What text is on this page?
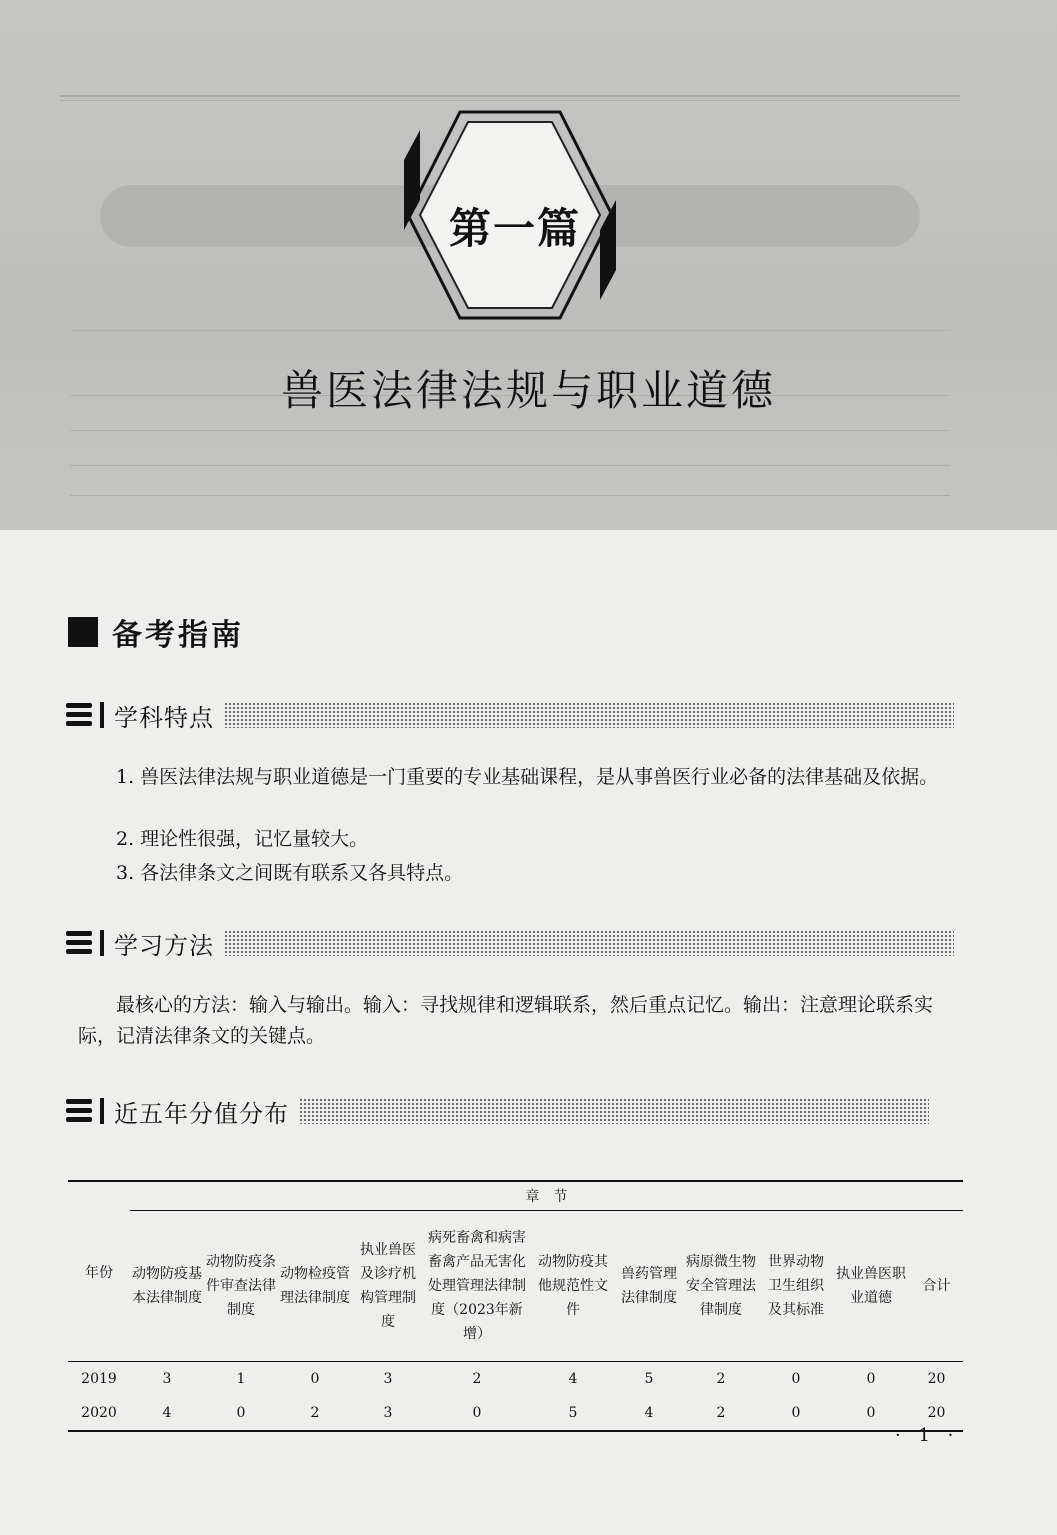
第一篇
兽医法律法规与职业道德
备考指南
学科特点

1. 兽医法律法规与职业道德是一门重要的专业基础课程，是从事兽医行业必备的法律基础及依据。

2. 理论性很强，记忆量较大。
3. 各法律条文之间既有联系又各具特点。
学习方法

最核心的方法：输入与输出。输入：寻找规律和逻辑联系，然后重点记忆。输出：注意理论联系实际，记清法律条文的关键点。

近五年分值分布
年份	章　节										
	动物防疫基本法律制度	动物防疫条件审查法律制度	动物检疫管理法律制度	执业兽医及诊疗机构管理制度	病死畜禽和病害畜禽产品无害化处理管理法律制度（2023年新增）	动物防疫其他规范性文件	兽药管理法律制度	病原微生物安全管理法律制度	世界动物卫生组织及其标准	执业兽医职业道德	合计
2019	3	1	0	3	2	4	5	2	0	0	20
2020	4	0	2	3	0	5	4	2	0	0	20
· 1 ·
